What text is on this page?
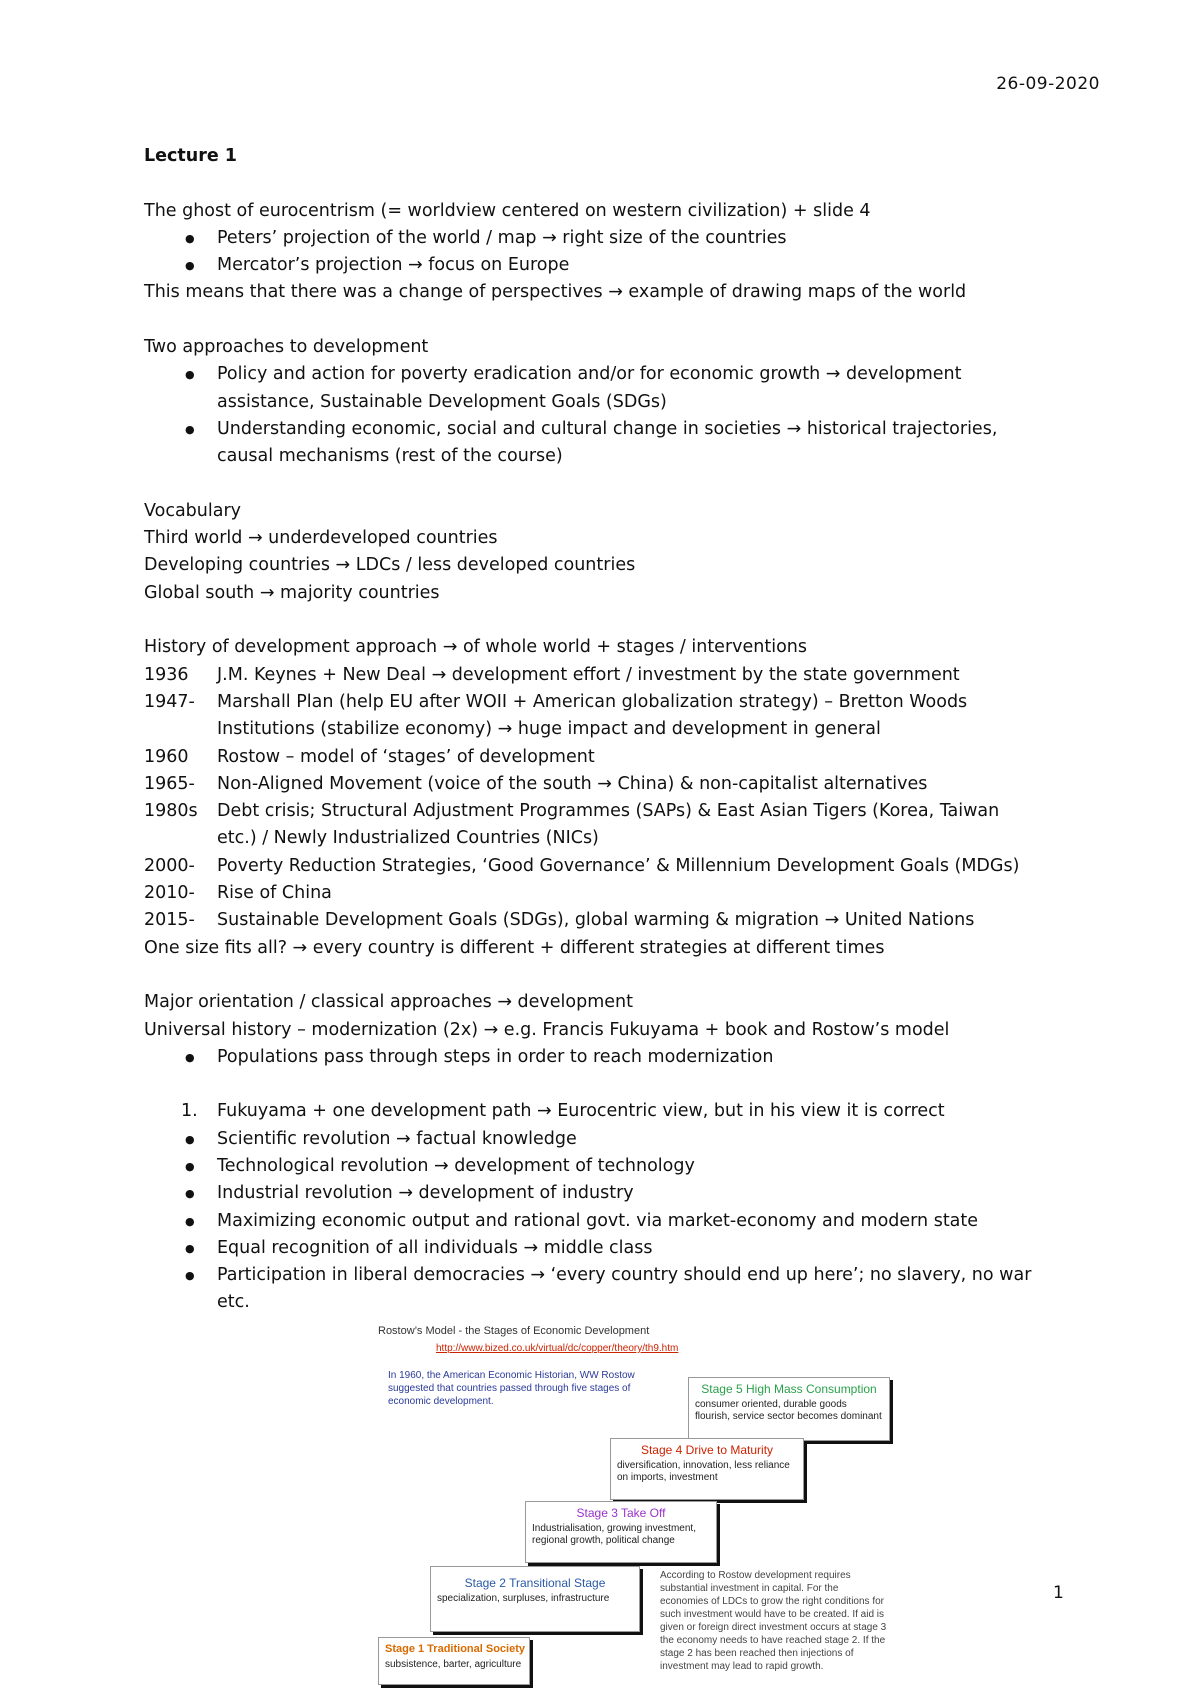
26-09-2020
Lecture 1
The ghost of eurocentrism (= worldview centered on western civilization) + slide 4
● Peters’ projection of the world / map → right size of the countries
● Mercator’s projection → focus on Europe
This means that there was a change of perspectives → example of drawing maps of the world
Two approaches to development
● Policy and action for poverty eradication and/or for economic growth → development
assistance, Sustainable Development Goals (SDGs)
● Understanding economic, social and cultural change in societies → historical trajectories,
causal mechanisms (rest of the course)
Vocabulary
Third world → underdeveloped countries
Developing countries → LDCs / less developed countries
Global south → majority countries
History of development approach → of whole world + stages / interventions
1936	J.M. Keynes + New Deal → development effort / investment by the state government
1947-	Marshall Plan (help EU after WOII + American globalization strategy) – Bretton Woods
Institutions (stabilize economy) → huge impact and development in general
1960	Rostow – model of ‘stages’ of development
1965-	Non-Aligned Movement (voice of the south → China) & non-capitalist alternatives
1980s	Debt crisis; Structural Adjustment Programmes (SAPs) & East Asian Tigers (Korea, Taiwan
etc.) / Newly Industrialized Countries (NICs)
2000-	Poverty Reduction Strategies, ‘Good Governance’ & Millennium Development Goals (MDGs)
2010-	Rise of China
2015-	Sustainable Development Goals (SDGs), global warming & migration → United Nations
One size fits all? → every country is different + different strategies at different times
Major orientation / classical approaches → development
Universal history – modernization (2x) → e.g. Francis Fukuyama + book and Rostow’s model
● Populations pass through steps in order to reach modernization
1. Fukuyama + one development path → Eurocentric view, but in his view it is correct
● Scientific revolution → factual knowledge
● Technological revolution → development of technology
● Industrial revolution → development of industry
● Maximizing economic output and rational govt. via market-economy and modern state
● Equal recognition of all individuals → middle class
● Participation in liberal democracies → ‘every country should end up here’; no slavery, no war
etc.
Rostow’s Model - the Stages of Economic Development
http://www.bized.co.uk/virtual/dc/copper/theory/th9.htm
In 1960, the American Economic Historian, WW Rostow suggested that countries passed through five stages of economic development.
Stage 5 High Mass Consumption
consumer oriented, durable goods flourish, service sector becomes dominant
Stage 4 Drive to Maturity
diversification, innovation, less reliance on imports, investment
Stage 3 Take Off
Industrialisation, growing investment, regional growth, political change
Stage 2 Transitional Stage
specialization, surpluses, infrastructure
Stage 1 Traditional Society
subsistence, barter, agriculture
According to Rostow development requires substantial investment in capital. For the economies of LDCs to grow the right conditions for such investment would have to be created. If aid is given or foreign direct investment occurs at stage 3 the economy needs to have reached stage 2. If the stage 2 has been reached then injections of investment may lead to rapid growth.
1
